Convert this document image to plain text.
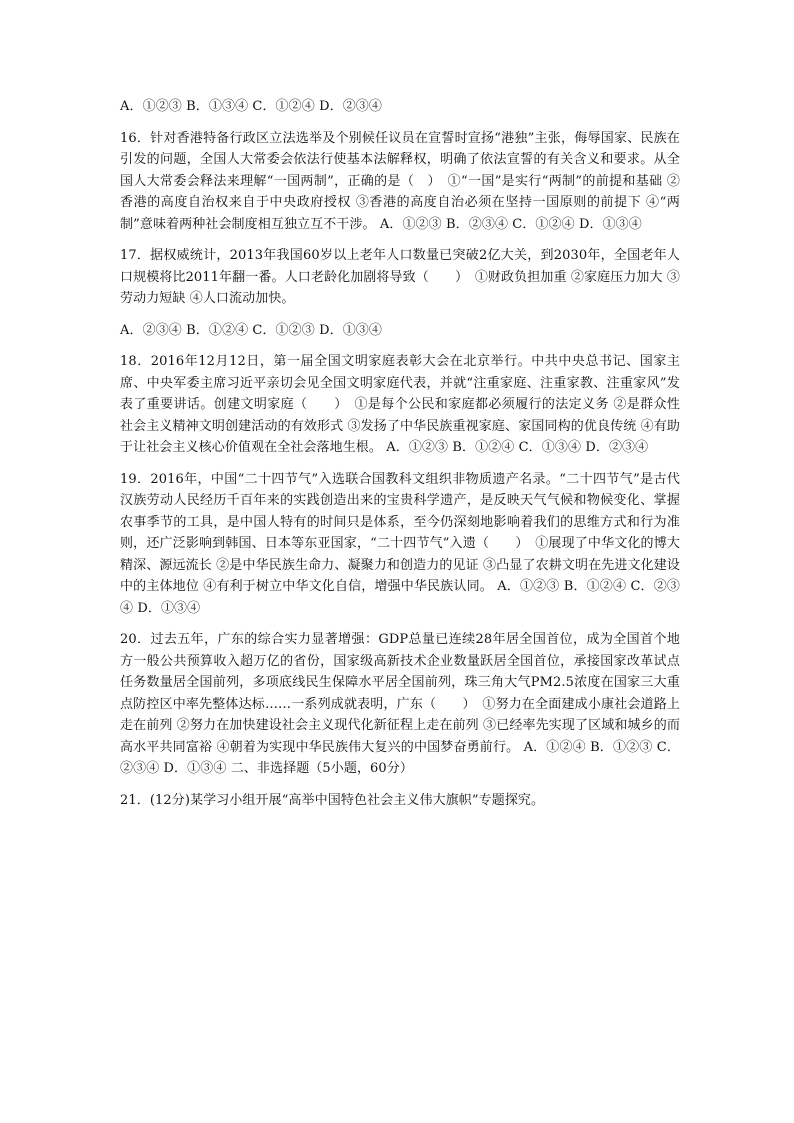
A．①②③ B．①③④ C．①②④ D．②③④

16．针对香港特备行政区立法选举及个别候任议员在宣誓时宣扬“港独”主张，侮辱国家、民族在引发的问题，全国人大常委会依法行使基本法解释权，明确了依法宣誓的有关含义和要求。从全国人大常委会释法来理解“一国两制”，正确的是（　）　①“一国”是实行“两制”的前提和基础 ②香港的高度自治权来自于中央政府授权 ③香港的高度自治必须在坚持一国原则的前提下 ④“两制”意味着两种社会制度相互独立互不干涉。 A．①②③ B．②③④ C．①②④ D．①③④

17．据权威统计，2013年我国60岁以上老年人口数量已突破2亿大关，到2030年，全国老年人口规模将比2011年翻一番。人口老龄化加剧将导致（　　）　①财政负担加重 ②家庭压力加大 ③劳动力短缺 ④人口流动加快。

A．②③④ B．①②④ C．①②③ D．①③④

18．2016年12月12日，第一届全国文明家庭表彰大会在北京举行。中共中央总书记、国家主席、中央军委主席习近平亲切会见全国文明家庭代表，并就“注重家庭、注重家教、注重家风”发表了重要讲话。创建文明家庭（　　）　①是每个公民和家庭都必须履行的法定义务 ②是群众性社会主义精神文明创建活动的有效形式 ③发扬了中华民族重视家庭、家国同构的优良传统 ④有助于让社会主义核心价值观在全社会落地生根。 A．①②③ B．①②④ C．①③④ D．②③④

19．2016年，中国“二十四节气”入选联合国教科文组织非物质遗产名录。“二十四节气”是古代汉族劳动人民经历千百年来的实践创造出来的宝贵科学遗产，是反映天气气候和物候变化、掌握农事季节的工具，是中国人特有的时间只是体系，至今仍深刻地影响着我们的思维方式和行为准则，还广泛影响到韩国、日本等东亚国家，“二十四节气”入遗（　　）　①展现了中华文化的博大精深、源远流长 ②是中华民族生命力、凝聚力和创造力的见证 ③凸显了农耕文明在先进文化建设中的主体地位 ④有利于树立中华文化自信，增强中华民族认同。 A．①②③ B．①②④ C．②③④ D．①③④

20．过去五年，广东的综合实力显著增强：GDP总量已连续28年居全国首位，成为全国首个地方一般公共预算收入超万亿的省份，国家级高新技术企业数量跃居全国首位，承接国家改革试点任务数量居全国前列，多项底线民生保障水平居全国前列，珠三角大气PM2.5浓度在国家三大重点防控区中率先整体达标……一系列成就表明，广东（　　）　①努力在全面建成小康社会道路上走在前列 ②努力在加快建设社会主义现代化新征程上走在前列 ③已经率先实现了区域和城乡的而高水平共同富裕 ④朝着为实现中华民族伟大复兴的中国梦奋勇前行。 A．①②④ B．①②③ C．②③④ D．①③④ 二、非选择题（5小题，60分）

21．(12分)某学习小组开展“高举中国特色社会主义伟大旗帜”专题探究。
